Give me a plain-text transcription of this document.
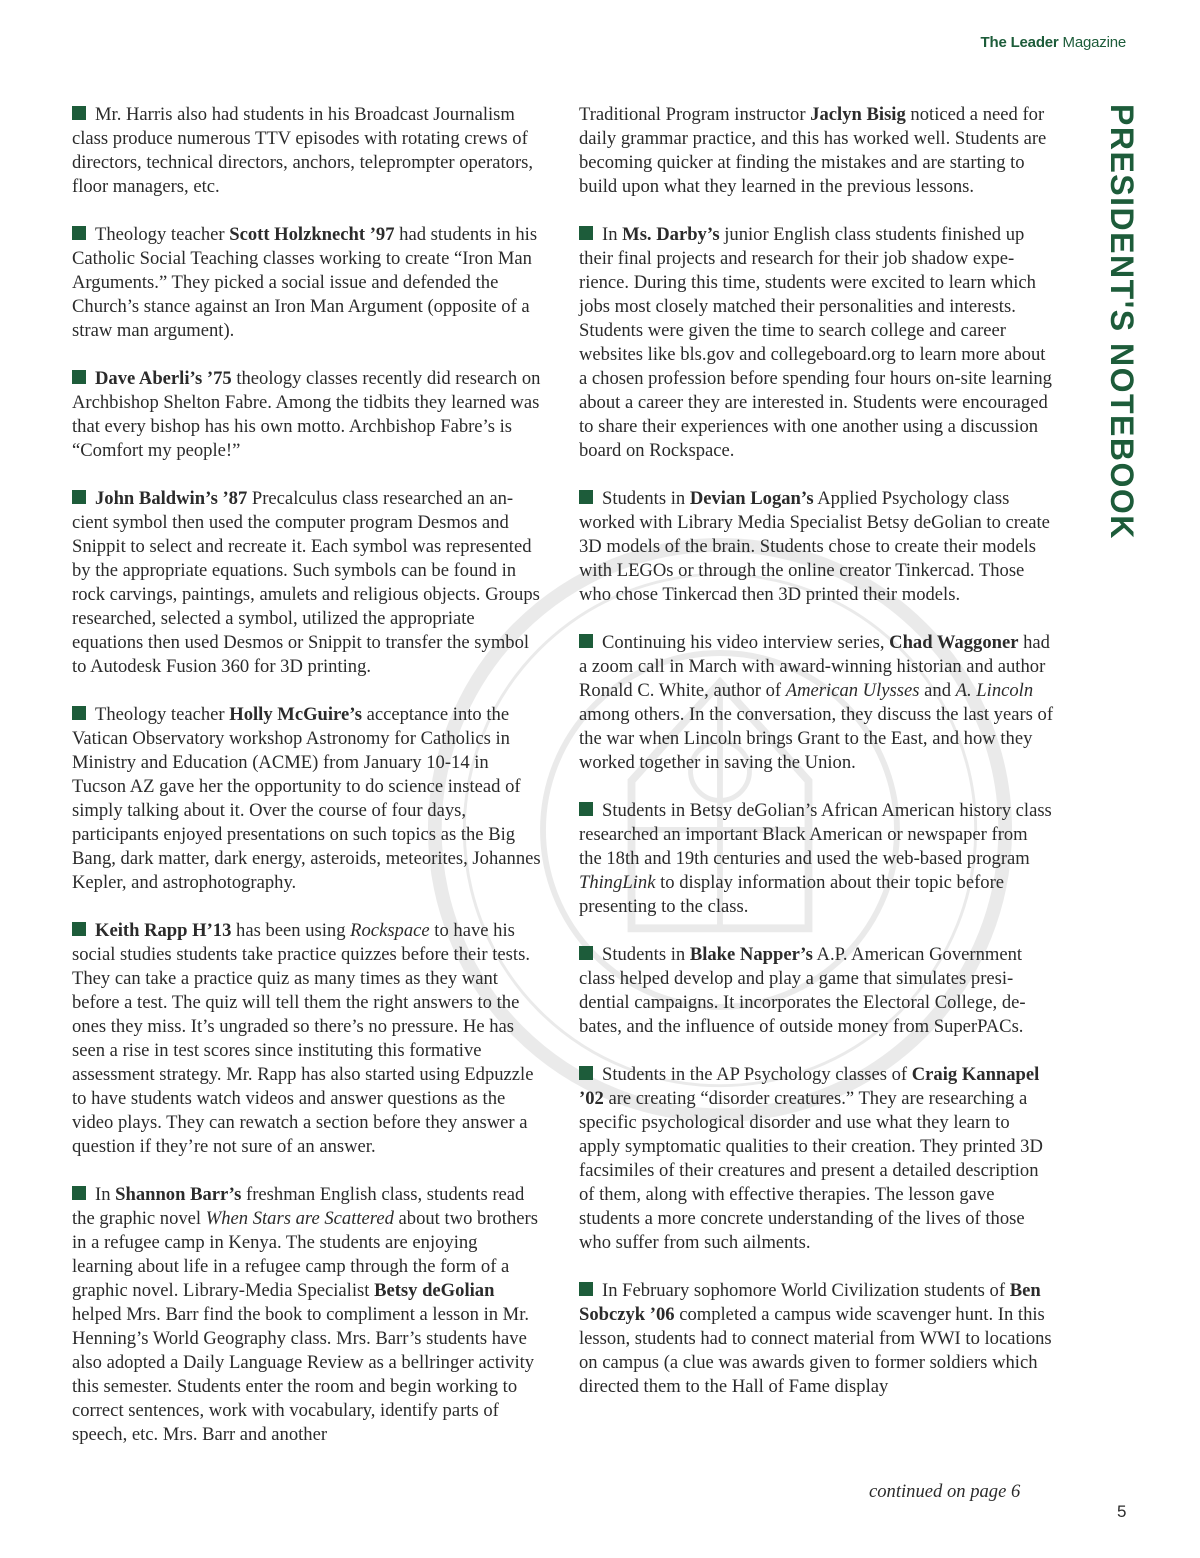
The Leader Magazine
PRESIDENT'S NOTEBOOK

Mr. Harris also had students in his Broadcast Journalism class produce numerous TTV episodes with rotating crews of directors, technical directors, anchors, teleprompter operators, floor managers, etc.

Theology teacher Scott Holzknecht ’97 had students in his Catholic Social Teaching classes working to create “Iron Man Arguments.” They picked a social issue and defended the Church’s stance against an Iron Man Argument (opposite of a straw man argument).

Dave Aberli’s ’75 theology classes recently did research on Archbishop Shelton Fabre. Among the tidbits they learned was that every bishop has his own motto. Archbishop Fabre’s is “Comfort my people!”

John Baldwin’s ’87 Precalculus class researched an ancient symbol then used the computer program Desmos and Snippit to select and recreate it. Each symbol was represented by the appropriate equations. Such symbols can be found in rock carvings, paintings, amulets and religious objects. Groups researched, selected a symbol, utilized the appropriate equations then used Desmos or Snippit to transfer the symbol to Autodesk Fusion 360 for 3D printing.

Theology teacher Holly McGuire’s acceptance into the Vatican Observatory workshop Astronomy for Catholics in Ministry and Education (ACME) from January 10-14 in Tucson AZ gave her the opportunity to do science instead of simply talking about it. Over the course of four days, participants enjoyed presentations on such topics as the Big Bang, dark matter, dark energy, asteroids, meteorites, Johannes Kepler, and astrophotography.

Keith Rapp H’13 has been using Rockspace to have his social studies students take practice quizzes before their tests. They can take a practice quiz as many times as they want before a test. The quiz will tell them the right answers to the ones they miss. It’s ungraded so there’s no pressure. He has seen a rise in test scores since instituting this formative assessment strategy. Mr. Rapp has also started using Edpuzzle to have students watch videos and answer questions as the video plays. They can rewatch a section before they answer a question if they’re not sure of an answer.

In Shannon Barr’s freshman English class, students read the graphic novel When Stars are Scattered about two brothers in a refugee camp in Kenya. The students are enjoying learning about life in a refugee camp through the form of a graphic novel. Library-Media Specialist Betsy deGolian helped Mrs. Barr find the book to compliment a lesson in Mr. Henning’s World Geography class. Mrs. Barr’s students have also adopted a Daily Language Review as a bellringer activity this semester. Students enter the room and begin working to correct sentences, work with vocabulary, identify parts of speech, etc. Mrs. Barr and another

Traditional Program instructor Jaclyn Bisig noticed a need for daily grammar practice, and this has worked well. Students are becoming quicker at finding the mistakes and are starting to build upon what they learned in the previous lessons.

In Ms. Darby’s junior English class students finished up their final projects and research for their job shadow experience. During this time, students were excited to learn which jobs most closely matched their personalities and interests. Students were given the time to search college and career websites like bls.gov and collegeboard.org to learn more about a chosen profession before spending four hours on-site learning about a career they are interested in. Students were encouraged to share their experiences with one another using a discussion board on Rockspace.

Students in Devian Logan’s Applied Psychology class worked with Library Media Specialist Betsy deGolian to create 3D models of the brain. Students chose to create their models with LEGOs or through the online creator Tinkercad. Those who chose Tinkercad then 3D printed their models.

Continuing his video interview series, Chad Waggoner had a zoom call in March with award-winning historian and author Ronald C. White, author of American Ulysses and A. Lincoln among others. In the conversation, they discuss the last years of the war when Lincoln brings Grant to the East, and how they worked together in saving the Union.

Students in Betsy deGolian’s African American history class researched an important Black American or newspaper from the 18th and 19th centuries and used the web-based program ThingLink to display information about their topic before presenting to the class.

Students in Blake Napper’s A.P. American Government class helped develop and play a game that simulates presidential campaigns. It incorporates the Electoral College, debates, and the influence of outside money from SuperPACs.

Students in the AP Psychology classes of Craig Kannapel ’02 are creating “disorder creatures.” They are researching a specific psychological disorder and use what they learn to apply symptomatic qualities to their creation. They printed 3D facsimiles of their creatures and present a detailed description of them, along with effective therapies. The lesson gave students a more concrete understanding of the lives of those who suffer from such ailments.

In February sophomore World Civilization students of Ben Sobczyk ’06 completed a campus wide scavenger hunt. In this lesson, students had to connect material from WWI to locations on campus (a clue was awards given to former soldiers which directed them to the Hall of Fame display

continued on page 6
5
